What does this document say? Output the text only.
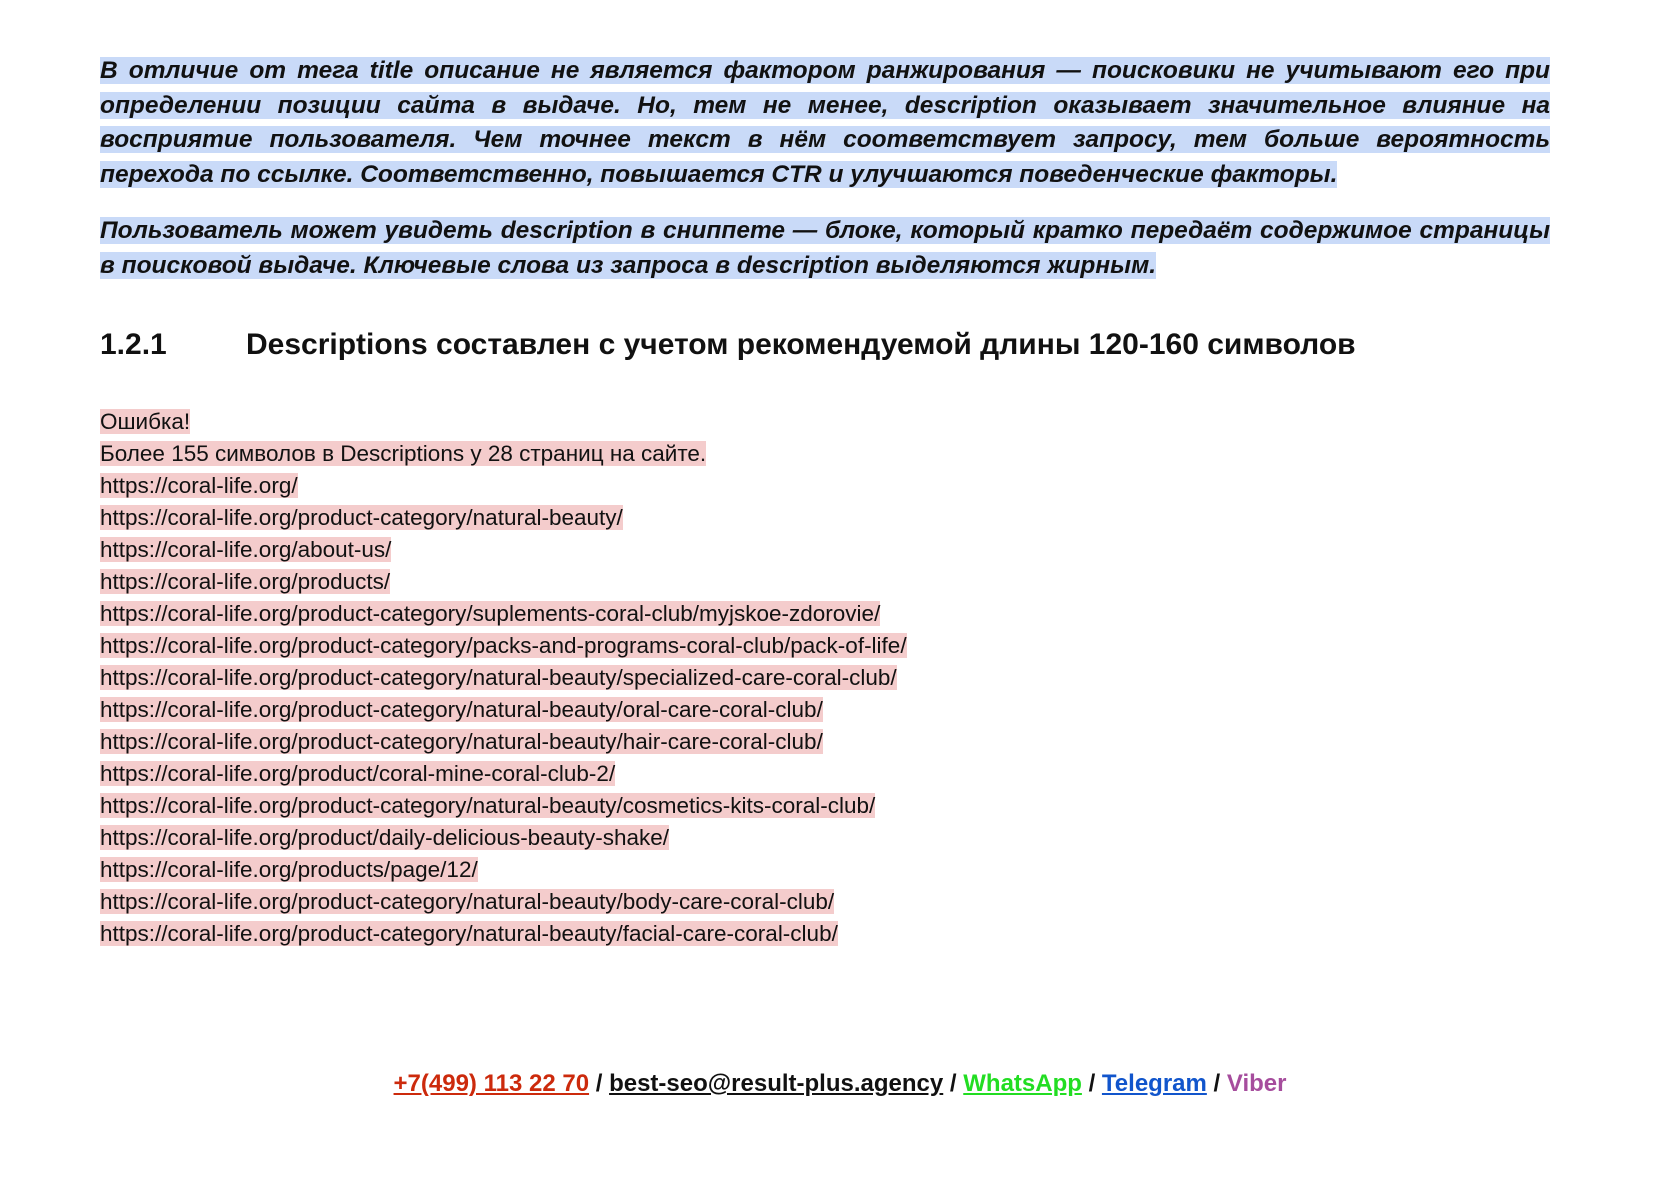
В отличие от тега title описание не является фактором ранжирования — поисковики не учитывают его при определении позиции сайта в выдаче. Но, тем не менее, description оказывает значительное влияние на восприятие пользователя. Чем точнее текст в нём соответствует запросу, тем больше вероятность перехода по ссылке. Соответственно, повышается CTR и улучшаются поведенческие факторы.

Пользователь может увидеть description в сниппете — блоке, который кратко передаёт содержимое страницы в поисковой выдаче. Ключевые слова из запроса в description выделяются жирным.

1.2.1	Descriptions составлен с учетом рекомендуемой длины 120-160 символов
Ошибка!
Более 155 символов в Descriptions у 28 страниц на сайте.
https://coral-life.org/
https://coral-life.org/product-category/natural-beauty/
https://coral-life.org/about-us/
https://coral-life.org/products/
https://coral-life.org/product-category/suplements-coral-club/myjskoe-zdorovie/
https://coral-life.org/product-category/packs-and-programs-coral-club/pack-of-life/
https://coral-life.org/product-category/natural-beauty/specialized-care-coral-club/
https://coral-life.org/product-category/natural-beauty/oral-care-coral-club/
https://coral-life.org/product-category/natural-beauty/hair-care-coral-club/
https://coral-life.org/product/coral-mine-coral-club-2/
https://coral-life.org/product-category/natural-beauty/cosmetics-kits-coral-club/
https://coral-life.org/product/daily-delicious-beauty-shake/
https://coral-life.org/products/page/12/
https://coral-life.org/product-category/natural-beauty/body-care-coral-club/
https://coral-life.org/product-category/natural-beauty/facial-care-coral-club/
+7(499) 113 22 70 / best-seo@result-plus.agency / WhatsApp / Telegram / Viber
